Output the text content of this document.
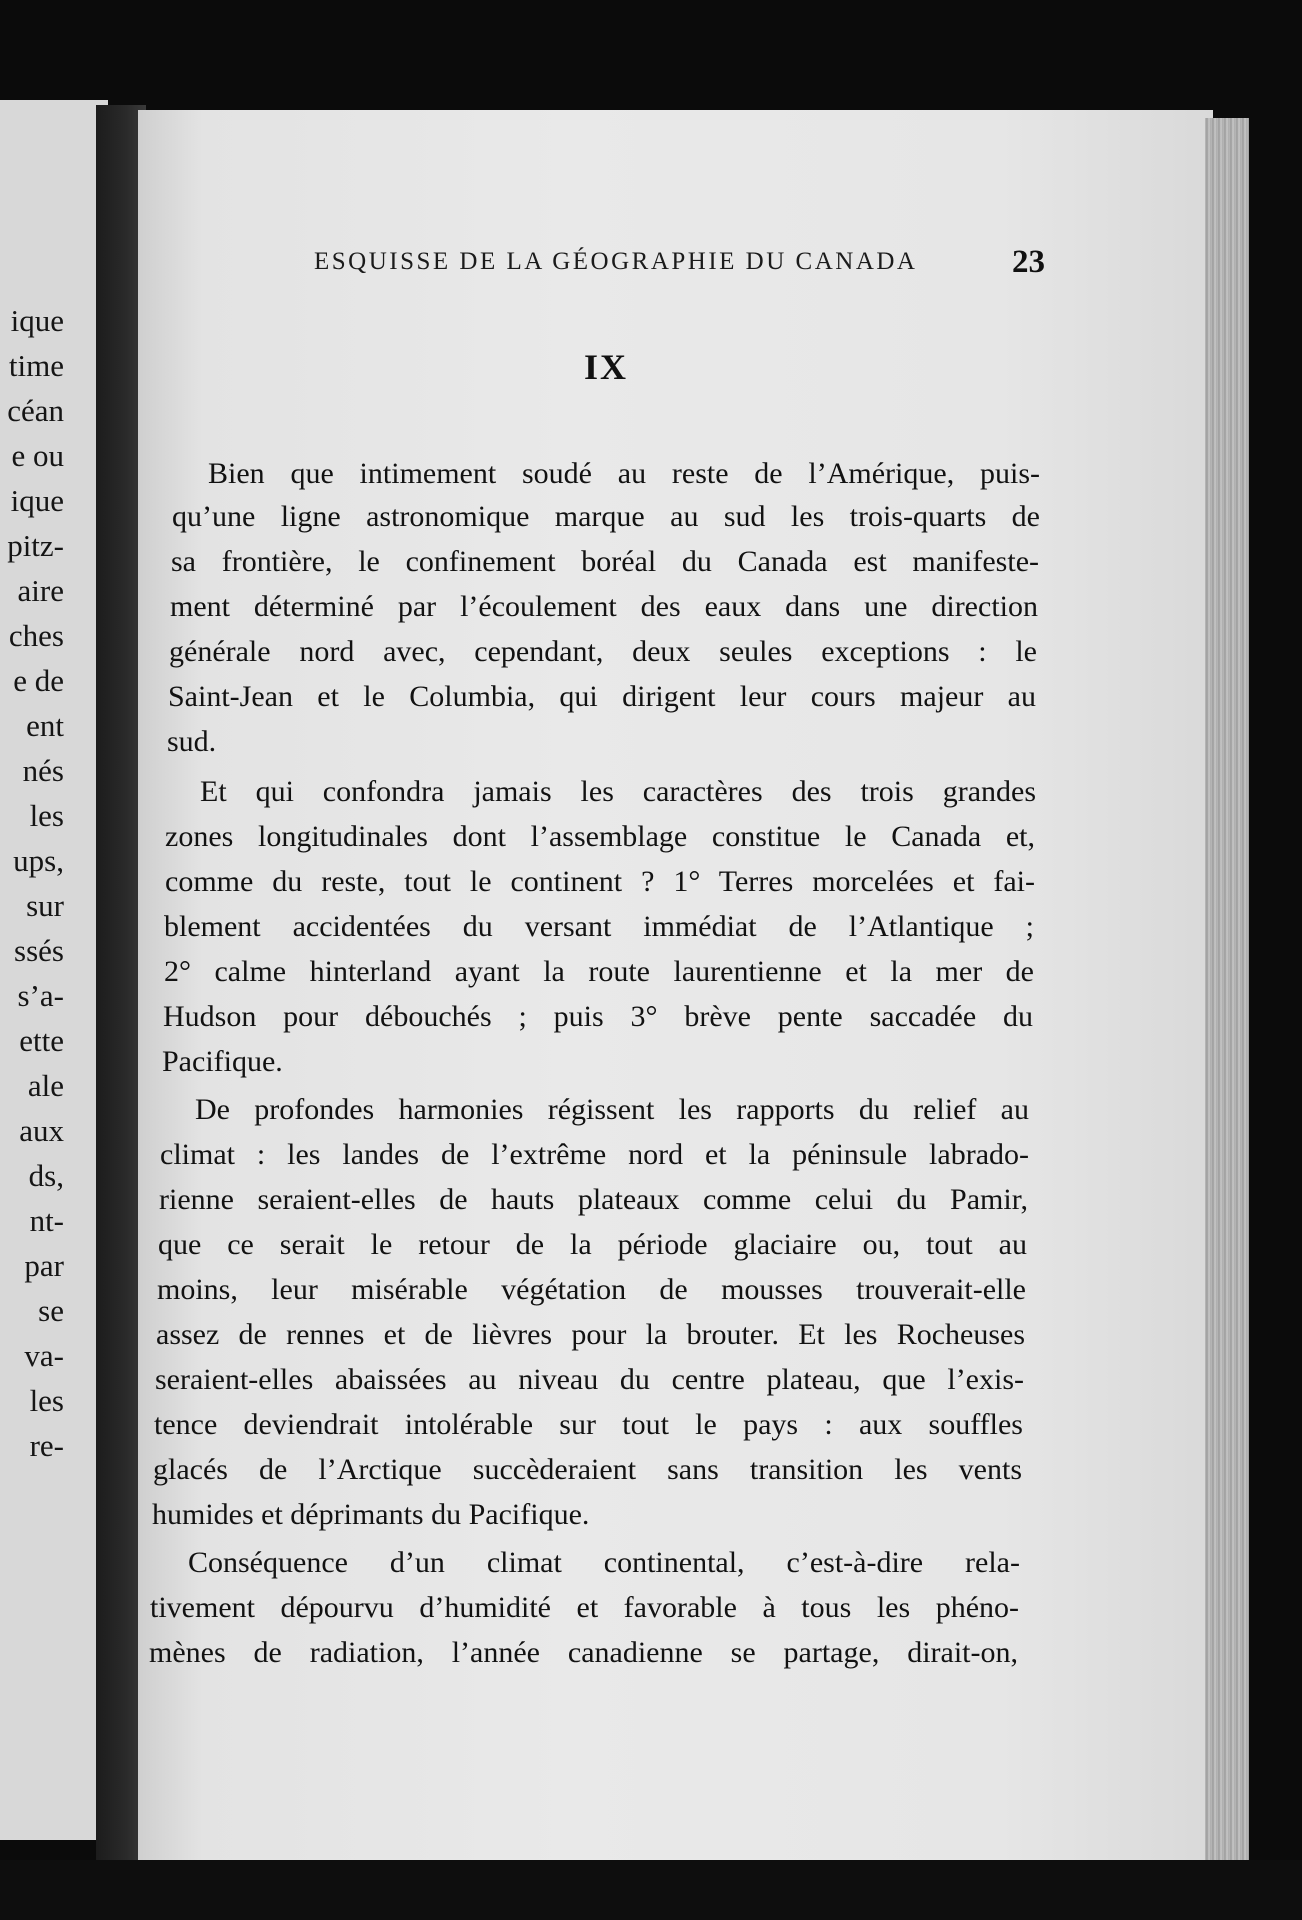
ique
time
céan
e ou
ique
pitz-
aire
ches
e de
ent
nés
les
ups,
sur
ssés
s’a-
ette
ale
aux
ds,
nt-
par
se
va-
les
re-
ESQUISSE DE LA GÉOGRAPHIE DU CANADA	23
IX
Bien que intimement soudé au reste de l’Amérique, puis-
qu’une ligne astronomique marque au sud les trois-quarts de
sa frontière, le confinement boréal du Canada est manifeste-
ment déterminé par l’écoulement des eaux dans une direction
générale nord avec, cependant, deux seules exceptions : le
Saint-Jean et le Columbia, qui dirigent leur cours majeur au
sud.
Et qui confondra jamais les caractères des trois grandes
zones longitudinales dont l’assemblage constitue le Canada et,
comme du reste, tout le continent ? 1° Terres morcelées et fai-
blement accidentées du versant immédiat de l’Atlantique ;
2° calme hinterland ayant la route laurentienne et la mer de
Hudson pour débouchés ; puis 3° brève pente saccadée du
Pacifique.
De profondes harmonies régissent les rapports du relief au
climat : les landes de l’extrême nord et la péninsule labrado-
rienne seraient-elles de hauts plateaux comme celui du Pamir,
que ce serait le retour de la période glaciaire ou, tout au
moins, leur misérable végétation de mousses trouverait-elle
assez de rennes et de lièvres pour la brouter. Et les Rocheuses
seraient-elles abaissées au niveau du centre plateau, que l’exis-
tence deviendrait intolérable sur tout le pays : aux souffles
glacés de l’Arctique succèderaient sans transition les vents
humides et déprimants du Pacifique.
Conséquence d’un climat continental, c’est-à-dire rela-
tivement dépourvu d’humidité et favorable à tous les phéno-
mènes de radiation, l’année canadienne se partage, dirait-on,
